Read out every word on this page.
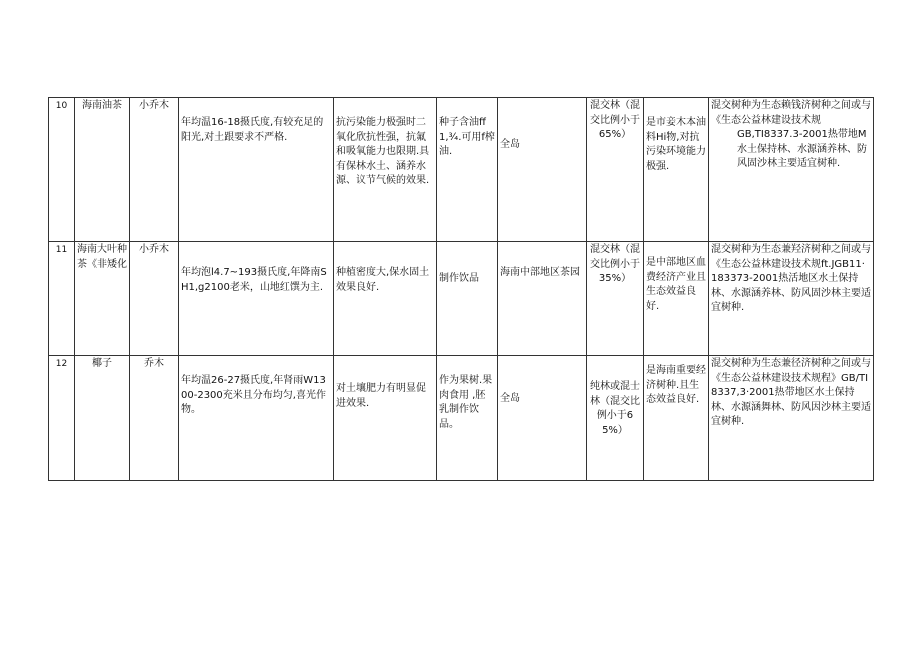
10	海南油茶	小乔木	年均温16-18摄氏度,有较充足的阳光,对土跟要求不严格.	抗污染能力极强时二氧化欣抗性强，抗氟和吸氧能力也限期.具有保林水土、涵养水源、议节气候的效果.	种子含油ff1,¾.可用f榨油.	全岛	混交林（混交比例小于65%）	是市妾木本油料Hi物,对抗污染环境能力极强.	混交树种为生态赖钱济树种之间或与《生态公益林建设技术规
GB,TI8337.3-2001热带地M水土保持林、水源涵养林、防风固沙林主要适宜树种.
11	海南大叶种茶《非矮化	小乔木	年均泡l4.7~193摄氏度,年降南SH1,g2100老米，山地红馔为主.	种植密度大,保水固土效果良好.	制作饮品	海南中部地区茶园	混交林（混交比例小于35%）	是中部地区血费经济产业且生态效益良好.	混交树种为生态兼羟济树种之间或与《生态公益林建设技术规ft.JGB11·183373-2001热活地区水土保持林、水源涵养林、防风固沙林主要适宜树种.
12	椰子	乔木	年均温26-27摄氏度,年肾雨W1300-2300充米且分布均匀,喜光作物。	对土壤肥力有明显促进效果.	作为果树.果肉食用 ,胚乳制作饮品。	全岛	纯林或混士林（混交比例小于65%）	是海南重要经济树种.且生态效益良好.	混交树种为生态兼径济树种之间或与《生态公益林建设技术规程》GB/TI8337,3·2001热带地区水土保持林、水源涵舞林、防风因沙林主要适宜树种.
